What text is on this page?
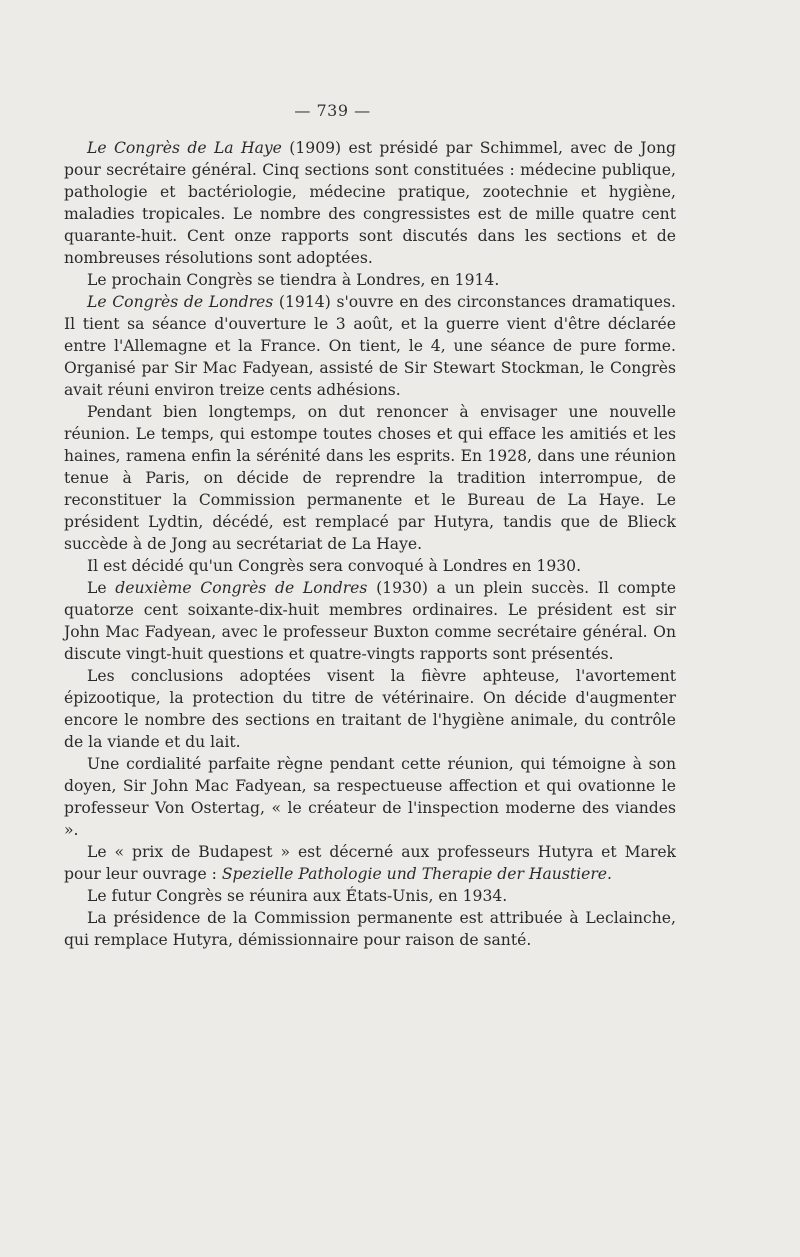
— 739 —

Le Congrès de La Haye (1909) est présidé par Schimmel, avec de Jong pour secrétaire général. Cinq sections sont constituées : médecine publique, pathologie et bactériologie, médecine pratique, zootechnie et hygiène, maladies tropicales. Le nombre des congressistes est de mille quatre cent quarante-huit. Cent onze rapports sont discutés dans les sections et de nombreuses résolutions sont adoptées.

Le prochain Congrès se tiendra à Londres, en 1914.

Le Congrès de Londres (1914) s'ouvre en des circonstances dramatiques. Il tient sa séance d'ouverture le 3 août, et la guerre vient d'être déclarée entre l'Allemagne et la France. On tient, le 4, une séance de pure forme. Organisé par Sir Mac Fadyean, assisté de Sir Stewart Stockman, le Congrès avait réuni environ treize cents adhésions.

Pendant bien longtemps, on dut renoncer à envisager une nouvelle réunion. Le temps, qui estompe toutes choses et qui efface les amitiés et les haines, ramena enfin la sérénité dans les esprits. En 1928, dans une réunion tenue à Paris, on décide de reprendre la tradition interrompue, de reconstituer la Commission permanente et le Bureau de La Haye. Le président Lydtin, décédé, est remplacé par Hutyra, tandis que de Blieck succède à de Jong au secrétariat de La Haye.

Il est décidé qu'un Congrès sera convoqué à Londres en 1930.

Le deuxième Congrès de Londres (1930) a un plein succès. Il compte quatorze cent soixante-dix-huit membres ordinaires. Le président est sir John Mac Fadyean, avec le professeur Buxton comme secrétaire général. On discute vingt-huit questions et quatre-vingts rapports sont présentés.

Les conclusions adoptées visent la fièvre aphteuse, l'avortement épizootique, la protection du titre de vétérinaire. On décide d'augmenter encore le nombre des sections en traitant de l'hygiène animale, du contrôle de la viande et du lait.

Une cordialité parfaite règne pendant cette réunion, qui témoigne à son doyen, Sir John Mac Fadyean, sa respectueuse affection et qui ovationne le professeur Von Ostertag, « le créateur de l'inspection moderne des viandes ».

Le « prix de Budapest » est décerné aux professeurs Hutyra et Marek pour leur ouvrage : Spezielle Pathologie und Therapie der Haustiere.

Le futur Congrès se réunira aux États-Unis, en 1934.

La présidence de la Commission permanente est attribuée à Leclainche, qui remplace Hutyra, démissionnaire pour raison de santé.
